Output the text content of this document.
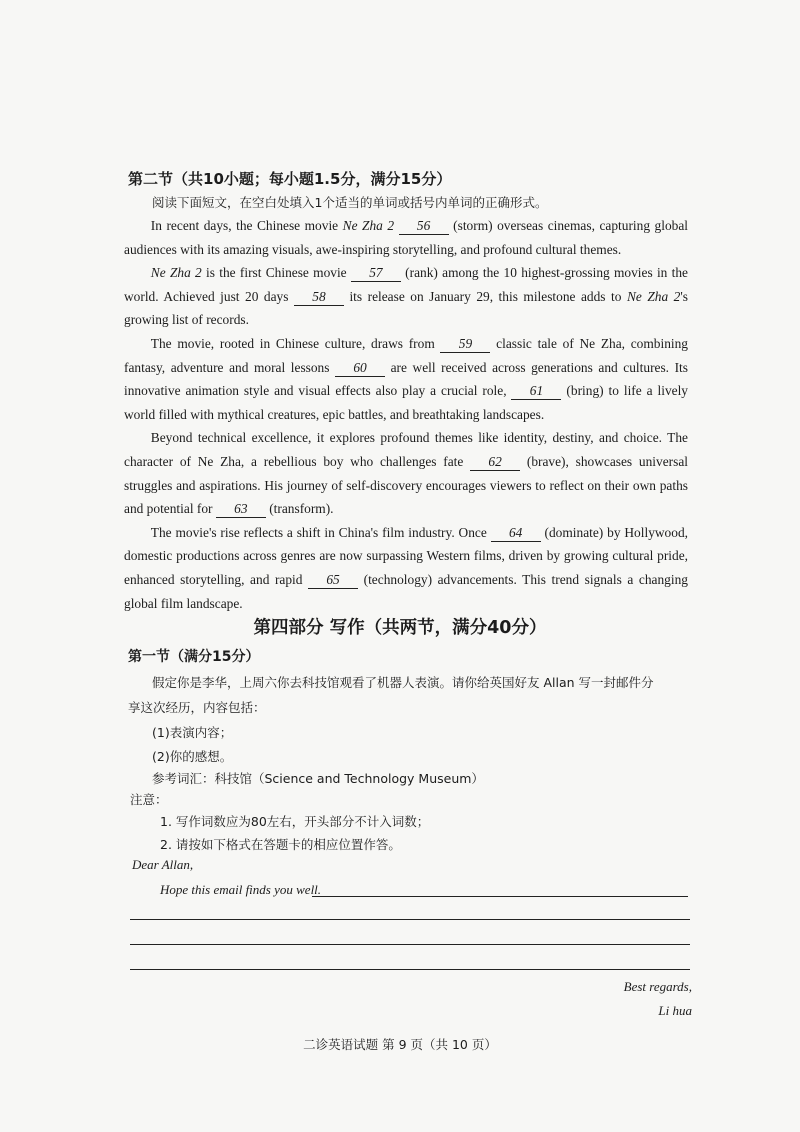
第二节（共10小题；每小题1.5分，满分15分）
阅读下面短文，在空白处填入1个适当的单词或括号内单词的正确形式。

In recent days, the Chinese movie Ne Zha 2 56 (storm) overseas cinemas, capturing global audiences with its amazing visuals, awe-inspiring storytelling, and profound cultural themes.

Ne Zha 2 is the first Chinese movie 57 (rank) among the 10 highest-grossing movies in the world. Achieved just 20 days 58 its release on January 29, this milestone adds to Ne Zha 2's growing list of records.

The movie, rooted in Chinese culture, draws from 59 classic tale of Ne Zha, combining fantasy, adventure and moral lessons 60 are well received across generations and cultures. Its innovative animation style and visual effects also play a crucial role, 61 (bring) to life a lively world filled with mythical creatures, epic battles, and breathtaking landscapes.

Beyond technical excellence, it explores profound themes like identity, destiny, and choice. The character of Ne Zha, a rebellious boy who challenges fate 62 (brave), showcases universal struggles and aspirations. His journey of self-discovery encourages viewers to reflect on their own paths and potential for 63 (transform).

The movie's rise reflects a shift in China's film industry. Once 64 (dominate) by Hollywood, domestic productions across genres are now surpassing Western films, driven by growing cultural pride, enhanced storytelling, and rapid 65 (technology) advancements. This trend signals a changing global film landscape.

第四部分 写作（共两节，满分40分）
第一节（满分15分）
假定你是李华，上周六你去科技馆观看了机器人表演。请你给英国好友 Allan 写一封邮件分
享这次经历，内容包括：
(1)表演内容；
(2)你的感想。
参考词汇：科技馆（Science and Technology Museum）
注意：
1. 写作词数应为80左右，开头部分不计入词数；
2. 请按如下格式在答题卡的相应位置作答。
Dear Allan,
Hope this email finds you well.
Best regards,
Li hua
二诊英语试题 第 9 页（共 10 页）
